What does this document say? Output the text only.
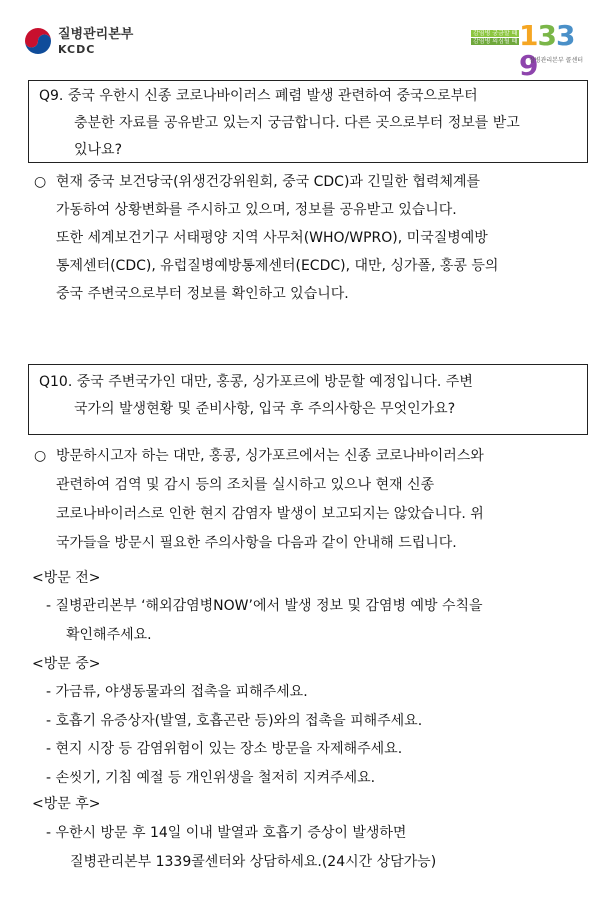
질병관리본부
KCDC
감염병 궁금할 때
감염병 의심될 때 1339
질병관리본부 콜센터
Q9. 중국 우한시 신종 코로나바이러스 폐렴 발생 관련하여 중국으로부터
충분한 자료를 공유받고 있는지 궁금합니다. 다른 곳으로부터 정보를 받고
있나요?
○ 현재 중국 보건당국(위생건강위원회, 중국 CDC)과 긴밀한 협력체계를
가동하여 상황변화를 주시하고 있으며, 정보를 공유받고 있습니다.
또한 세계보건기구 서태평양 지역 사무처(WHO/WPRO), 미국질병예방
통제센터(CDC), 유럽질병예방통제센터(ECDC), 대만, 싱가폴, 홍콩 등의
중국 주변국으로부터 정보를 확인하고 있습니다.
Q10. 중국 주변국가인 대만, 홍콩, 싱가포르에 방문할 예정입니다. 주변
국가의 발생현황 및 준비사항, 입국 후 주의사항은 무엇인가요?
○ 방문하시고자 하는 대만, 홍콩, 싱가포르에서는 신종 코로나바이러스와
관련하여 검역 및 감시 등의 조치를 실시하고 있으나 현재 신종
코로나바이러스로 인한 현지 감염자 발생이 보고되지는 않았습니다. 위
국가들을 방문시 필요한 주의사항을 다음과 같이 안내해 드립니다.
<방문 전>
- 질병관리본부 ‘해외감염병NOW’에서 발생 정보 및 감염병 예방 수칙을
확인해주세요.
<방문 중>
- 가금류, 야생동물과의 접촉을 피해주세요.
- 호흡기 유증상자(발열, 호흡곤란 등)와의 접촉을 피해주세요.
- 현지 시장 등 감염위험이 있는 장소 방문을 자제해주세요.
- 손씻기, 기침 예절 등 개인위생을 철저히 지켜주세요.
<방문 후>
- 우한시 방문 후 14일 이내 발열과 호흡기 증상이 발생하면
질병관리본부 1339콜센터와 상담하세요.(24시간 상담가능)
